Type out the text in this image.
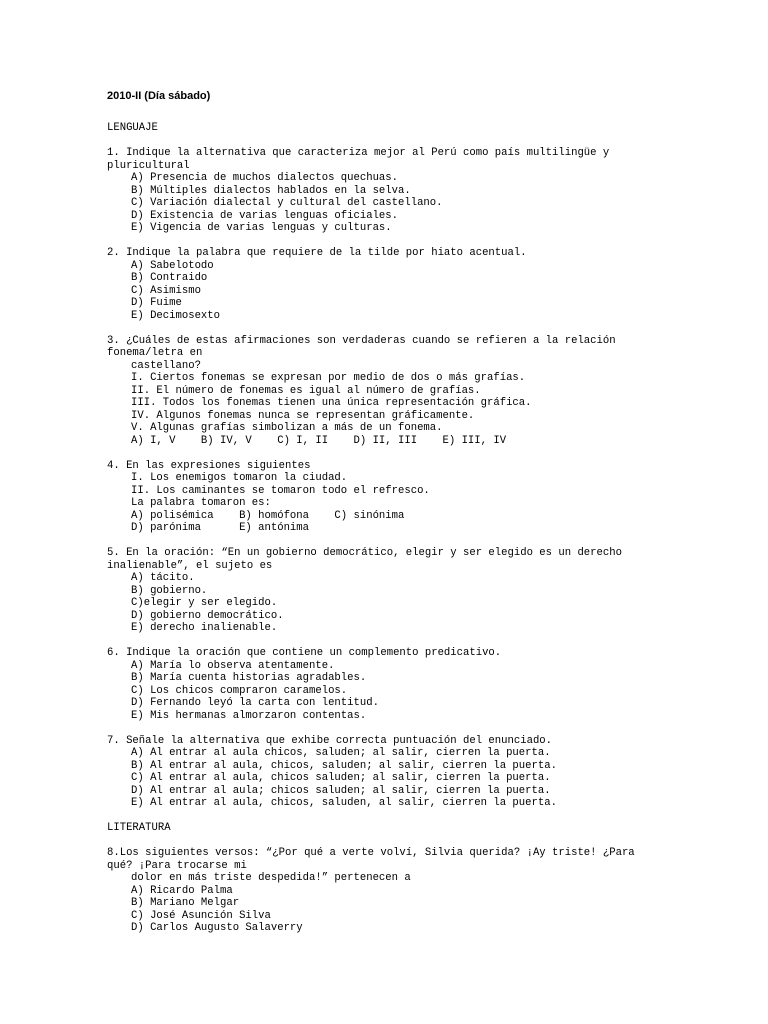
2010-II (Día sábado)
LENGUAJE
1. Indique la alternativa que caracteriza mejor al Perú como país multilingüe y
pluricultural
A) Presencia de muchos dialectos quechuas.
B) Múltiples dialectos hablados en la selva.
C) Variación dialectal y cultural del castellano.
D) Existencia de varias lenguas oficiales.
E) Vigencia de varias lenguas y culturas.
2. Indique la palabra que requiere de la tilde por hiato acentual.
A) Sabelotodo
B) Contraido
C) Asimismo
D) Fuime
E) Decimosexto
3. ¿Cuáles de estas afirmaciones son verdaderas cuando se refieren a la relación
fonema/letra en
castellano?
I. Ciertos fonemas se expresan por medio de dos o más grafías.
II. El número de fonemas es igual al número de grafías.
III. Todos los fonemas tienen una única representación gráfica.
IV. Algunos fonemas nunca se representan gráficamente.
V. Algunas grafías simbolizan a más de un fonema.
A) I, V    B) IV, V    C) I, II    D) II, III    E) III, IV
4. En las expresiones siguientes
I. Los enemigos tomaron la ciudad.
II. Los caminantes se tomaron todo el refresco.
La palabra tomaron es:
A) polisémica    B) homófona    C) sinónima
D) parónima      E) antónima
5. En la oración: “En un gobierno democrático, elegir y ser elegido es un derecho
inalienable”, el sujeto es
A) tácito.
B) gobierno.
C)elegir y ser elegido.
D) gobierno democrático.
E) derecho inalienable.
6. Indique la oración que contiene un complemento predicativo.
A) María lo observa atentamente.
B) María cuenta historias agradables.
C) Los chicos compraron caramelos.
D) Fernando leyó la carta con lentitud.
E) Mis hermanas almorzaron contentas.
7. Señale la alternativa que exhibe correcta puntuación del enunciado.
A) Al entrar al aula chicos, saluden; al salir, cierren la puerta.
B) Al entrar al aula, chicos, saluden; al salir, cierren la puerta.
C) Al entrar al aula, chicos saluden; al salir, cierren la puerta.
D) Al entrar al aula; chicos saluden; al salir, cierren la puerta.
E) Al entrar al aula, chicos, saluden, al salir, cierren la puerta.
LITERATURA
8.Los siguientes versos: “¿Por qué a verte volví, Silvia querida? ¡Ay triste! ¿Para
qué? ¡Para trocarse mi
dolor en más triste despedida!” pertenecen a
A) Ricardo Palma
B) Mariano Melgar
C) José Asunción Silva
D) Carlos Augusto Salaverry
